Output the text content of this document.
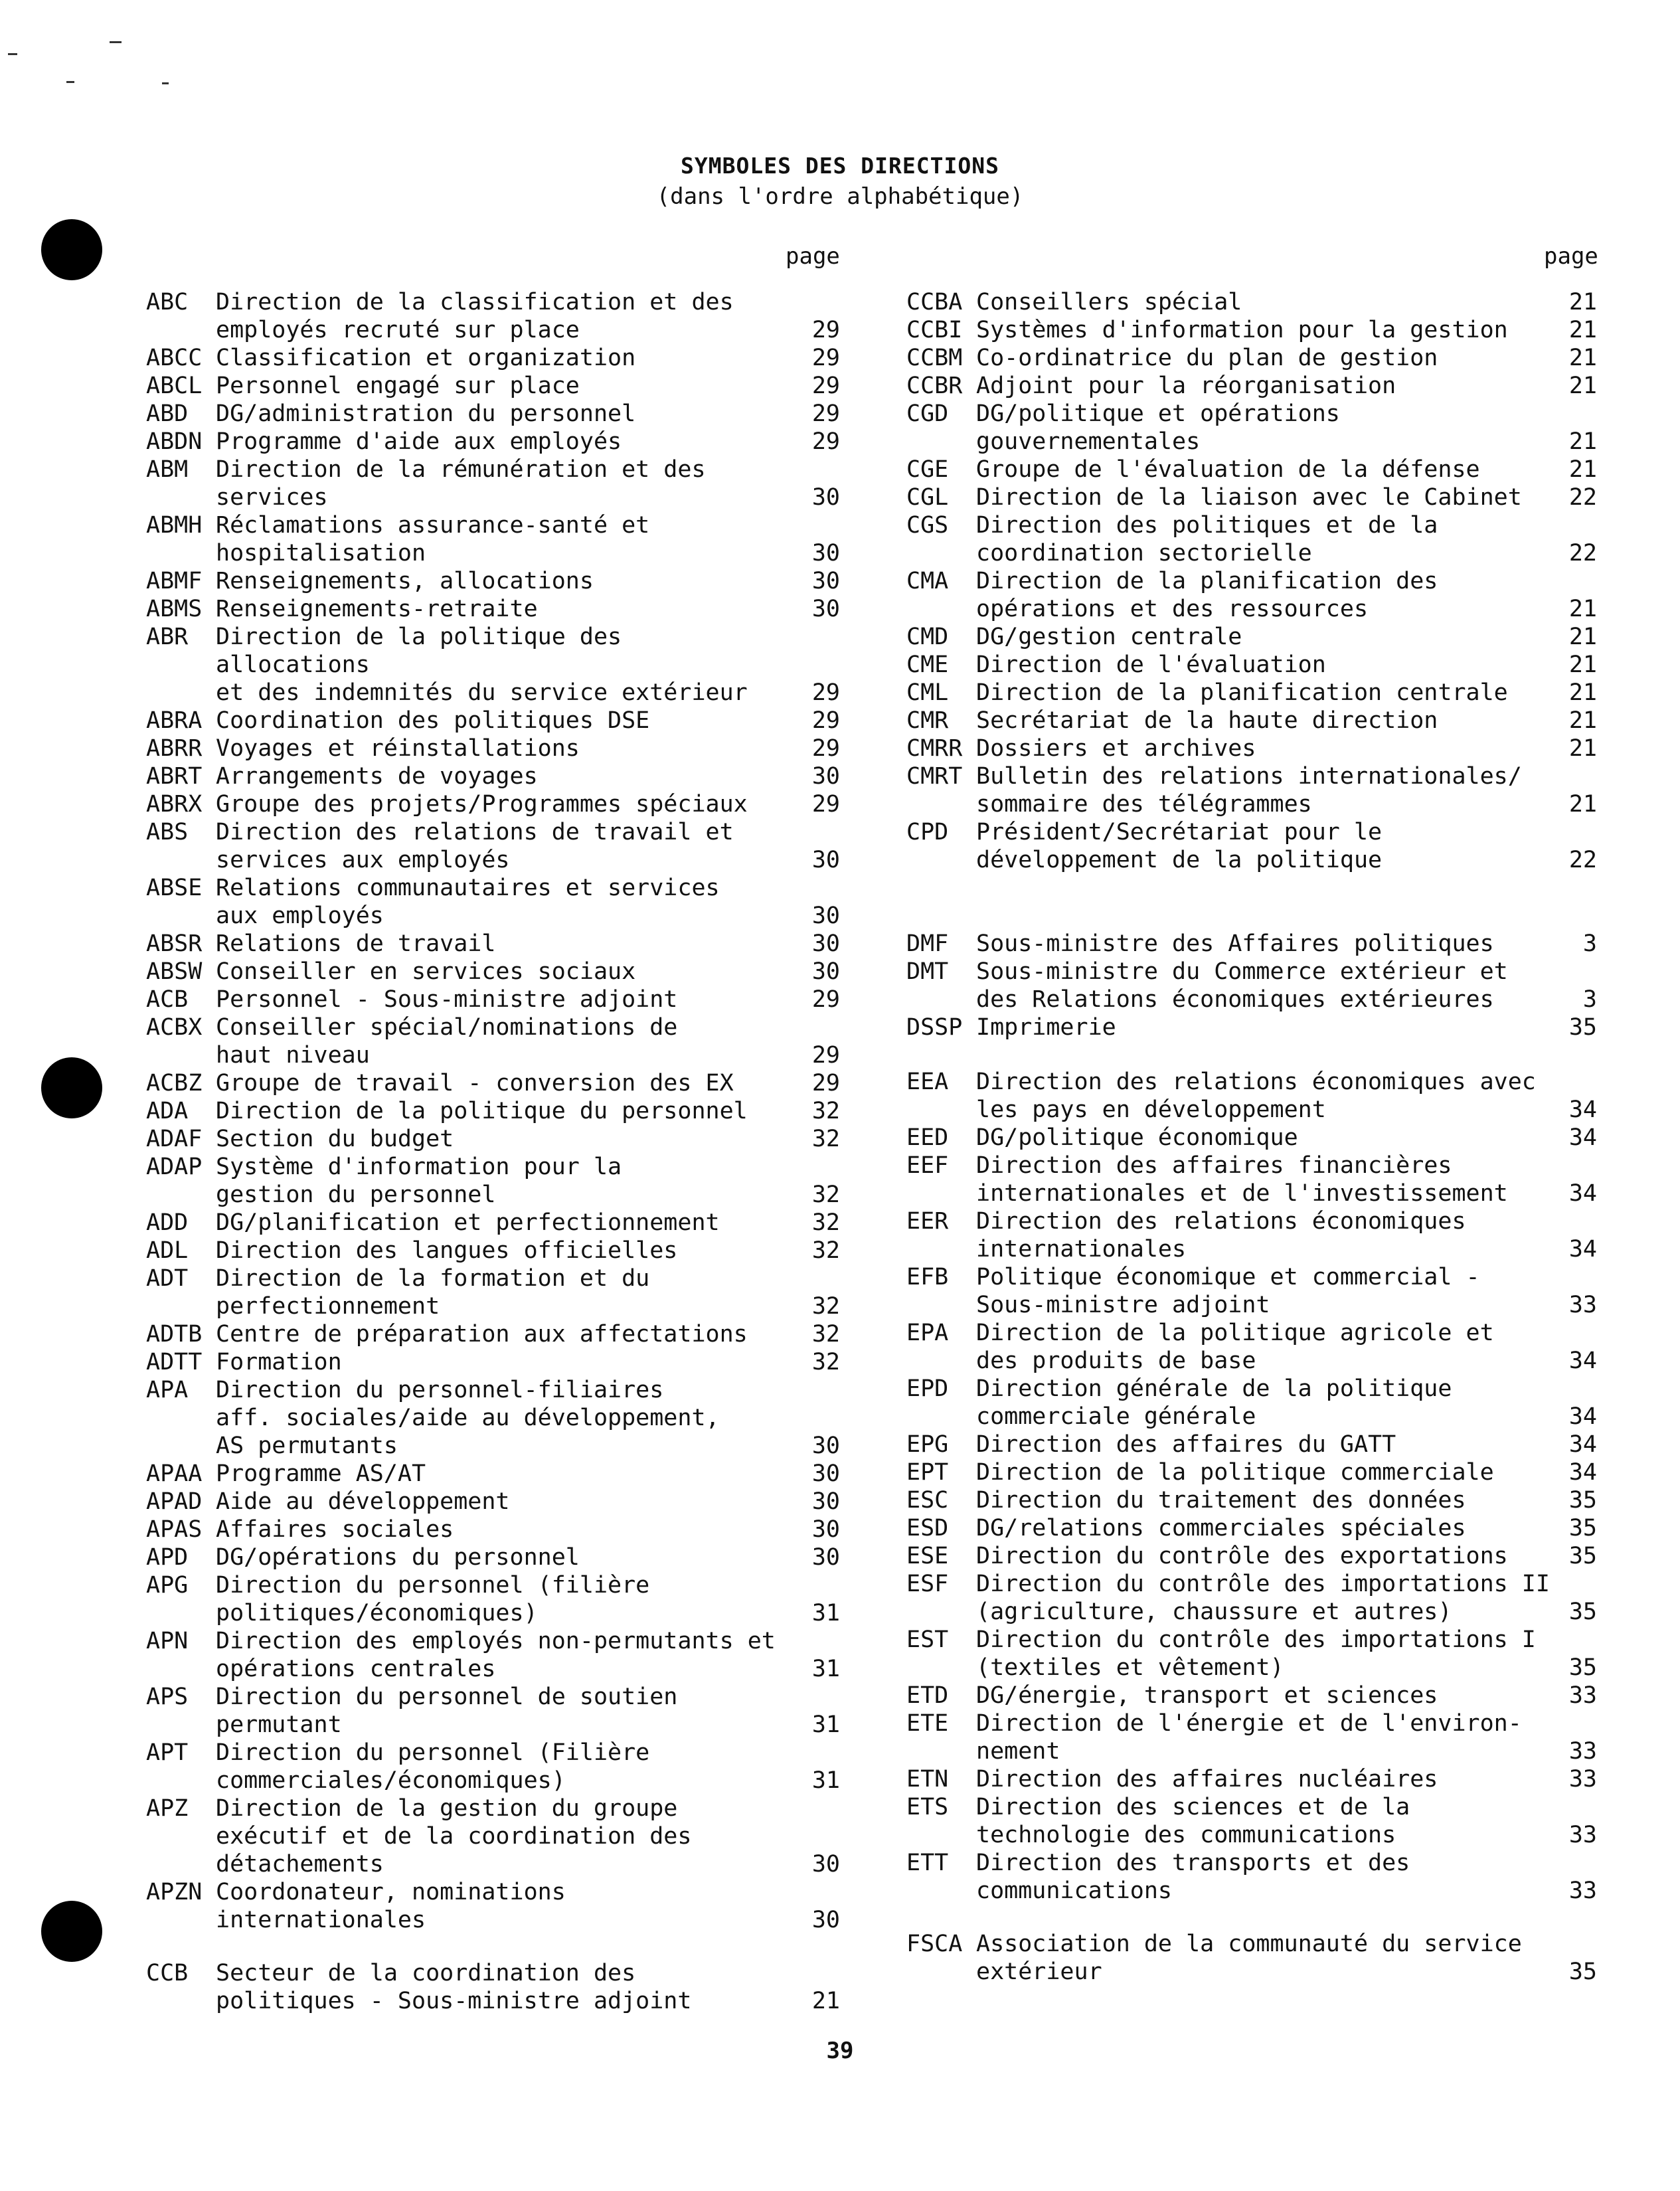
SYMBOLES DES DIRECTIONS
(dans l'ordre alphabétique)
page	page
ABC	Direction de la classification et des
employés recruté sur place	29
ABCC Classification et organization	29
ABCL Personnel engagé sur place	29
ABD	DG/administration du personnel	29
ABDN Programme d'aide aux employés	29
ABM	Direction de la rémunération et des
services	30
ABMH Réclamations assurance-santé et
hospitalisation	30
ABMF Renseignements, allocations	30
ABMS Renseignements-retraite	30
ABR	Direction de la politique des allocations
et des indemnités du service extérieur	29
ABRA Coordination des politiques DSE	29
ABRR Voyages et réinstallations	29
ABRT Arrangements de voyages	30
ABRX Groupe des projets/Programmes spéciaux	29
ABS	Direction des relations de travail et
services aux employés	30
ABSE Relations communautaires et services
aux employés	30
ABSR Relations de travail	30
ABSW Conseiller en services sociaux	30
ACB	Personnel - Sous-ministre adjoint	29
ACBX Conseiller spécial/nominations de
haut niveau	29
ACBZ Groupe de travail - conversion des EX	29
ADA	Direction de la politique du personnel	32
ADAF Section du budget	32
ADAP Système d'information pour la
gestion du personnel	32
ADD	DG/planification et perfectionnement	32
ADL	Direction des langues officielles	32
ADT	Direction de la formation et du
perfectionnement	32
ADTB Centre de préparation aux affectations	32
ADTT Formation	32
APA	Direction du personnel-filiaires
aff. sociales/aide au développement,
AS permutants	30
APAA Programme AS/AT	30
APAD Aide au développement	30
APAS Affaires sociales	30
APD	DG/opérations du personnel	30
APG	Direction du personnel (filière
politiques/économiques)	31
APN	Direction des employés non-permutants et
opérations centrales	31
APS	Direction du personnel de soutien
permutant	31
APT	Direction du personnel (Filière
commerciales/économiques)	31
APZ	Direction de la gestion du groupe
exécutif et de la coordination des
détachements	30
APZN Coordonateur, nominations
internationales	30
CCB	Secteur de la coordination des
politiques - Sous-ministre adjoint	21
CCBA Conseillers spécial	21
CCBI Systèmes d'information pour la gestion	21
CCBM Co-ordinatrice du plan de gestion	21
CCBR Adjoint pour la réorganisation	21
CGD	DG/politique et opérations
gouvernementales	21
CGE	Groupe de l'évaluation de la défense	21
CGL	Direction de la liaison avec le Cabinet	22
CGS	Direction des politiques et de la
coordination sectorielle	22
CMA	Direction de la planification des
opérations et des ressources	21
CMD	DG/gestion centrale	21
CME	Direction de l'évaluation	21
CML	Direction de la planification centrale	21
CMR	Secrétariat de la haute direction	21
CMRR Dossiers et archives	21
CMRT Bulletin des relations internationales/
sommaire des télégrammes	21
CPD	Président/Secrétariat pour le
développement de la politique	22
DMF	Sous-ministre des Affaires politiques	3
DMT	Sous-ministre du Commerce extérieur et
des Relations économiques extérieures	3
DSSP Imprimerie	35
EEA	Direction des relations économiques avec
les pays en développement	34
EED	DG/politique économique	34
EEF	Direction des affaires financières
internationales et de l'investissement	34
EER	Direction des relations économiques
internationales	34
EFB	Politique économique et commercial -
Sous-ministre adjoint	33
EPA	Direction de la politique agricole et
des produits de base	34
EPD	Direction générale de la politique
commerciale générale	34
EPG	Direction des affaires du GATT	34
EPT	Direction de la politique commerciale	34
ESC	Direction du traitement des données	35
ESD	DG/relations commerciales spéciales	35
ESE	Direction du contrôle des exportations	35
ESF	Direction du contrôle des importations II
(agriculture, chaussure et autres)	35
EST	Direction du contrôle des importations I
(textiles et vêtement)	35
ETD	DG/énergie, transport et sciences	33
ETE	Direction de l'énergie et de l'environ-
nement	33
ETN	Direction des affaires nucléaires	33
ETS	Direction des sciences et de la
technologie des communications	33
ETT	Direction des transports et des
communications	33
FSCA Association de la communauté du service
extérieur	35
39
